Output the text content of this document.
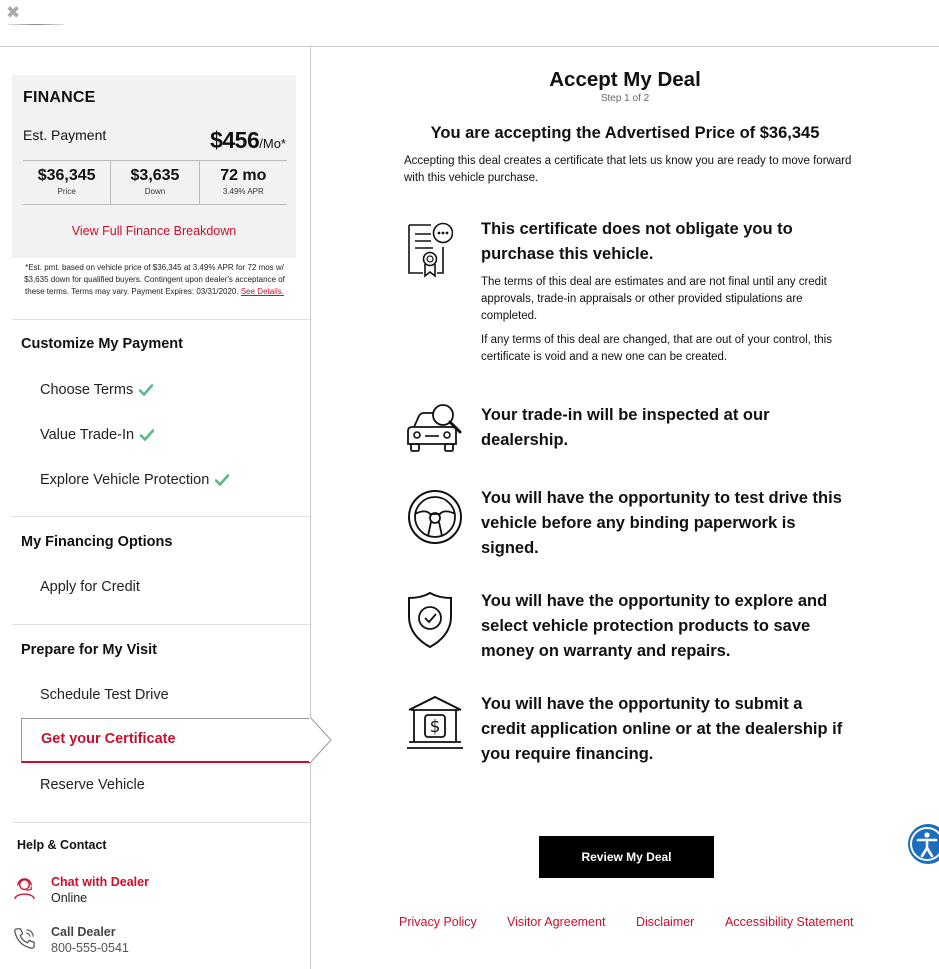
✖
FINANCE
Est. Payment	$456/Mo*
$36,345
Price
$3,635
Down
72 mo
3.49% APR
View Full Finance Breakdown
*Est. pmt. based on vehicle price of $36,345 at 3.49% APR for 72 mos w/ $3,635 down for qualified buyers. Contingent upon dealer's acceptance of these terms. Terms may vary. Payment Expires: 03/31/2020. See Details.
Customize My Payment
Choose Terms
Value Trade-In
Explore Vehicle Protection
My Financing Options
Apply for Credit
Prepare for My Visit
Schedule Test Drive
Get your Certificate
Reserve Vehicle
Help & Contact
Chat with Dealer
Online
Call Dealer
800-555-0541
Accept My Deal
Step 1 of 2
You are accepting the Advertised Price of $36,345
Accepting this deal creates a certificate that lets us know you are ready to move forward with this vehicle purchase.
This certificate does not obligate you to purchase this vehicle.
The terms of this deal are estimates and are not final until any credit approvals, trade-in appraisals or other provided stipulations are completed.
If any terms of this deal are changed, that are out of your control, this certificate is void and a new one can be created.
Your trade-in will be inspected at our dealership.
You will have the opportunity to test drive this vehicle before any binding paperwork is signed.
You will have the opportunity to explore and select vehicle protection products to save money on warranty and repairs.
$
You will have the opportunity to submit a credit application online or at the dealership if you require financing.
Review My Deal
Privacy Policy Visitor Agreement Disclaimer Accessibility Statement
